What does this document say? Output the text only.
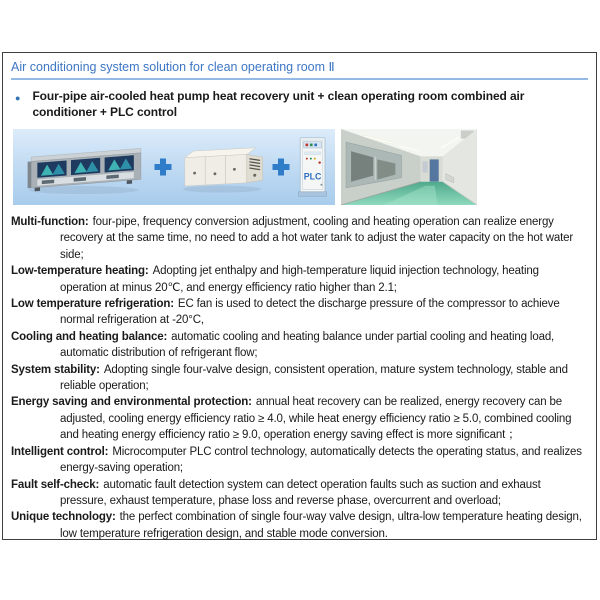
Air conditioning system solution for clean operating room Ⅱ
● Four-pipe air-cooled heat pump heat recovery unit + clean operating room combined air conditioner + PLC control
PLC

Multi-function: four-pipe, frequency conversion adjustment, cooling and heating operation can realize energy recovery at the same time, no need to add a hot water tank to adjust the water capacity on the hot water side;

Low-temperature heating: Adopting jet enthalpy and high-temperature liquid injection technology, heating operation at minus 20℃, and energy efficiency ratio higher than 2.1;

Low temperature refrigeration: EC fan is used to detect the discharge pressure of the compressor to achieve normal refrigeration at -20°C,

Cooling and heating balance: automatic cooling and heating balance under partial cooling and heating load, automatic distribution of refrigerant flow;

System stability: Adopting single four-valve design, consistent operation, mature system technology, stable and reliable operation;

Energy saving and environmental protection: annual heat recovery can be realized, energy recovery can be adjusted, cooling energy efficiency ratio ≥ 4.0, while heat energy efficiency ratio ≥ 5.0, combined cooling and heating energy efficiency ratio ≥ 9.0, operation energy saving effect is more significant ；

Intelligent control: Microcomputer PLC control technology, automatically detects the operating status, and realizes energy-saving operation;

Fault self-check: automatic fault detection system can detect operation faults such as suction and exhaust pressure, exhaust temperature, phase loss and reverse phase, overcurrent and overload;

Unique technology: the perfect combination of single four-way valve design, ultra-low temperature heating design, low temperature refrigeration design, and stable mode conversion.
